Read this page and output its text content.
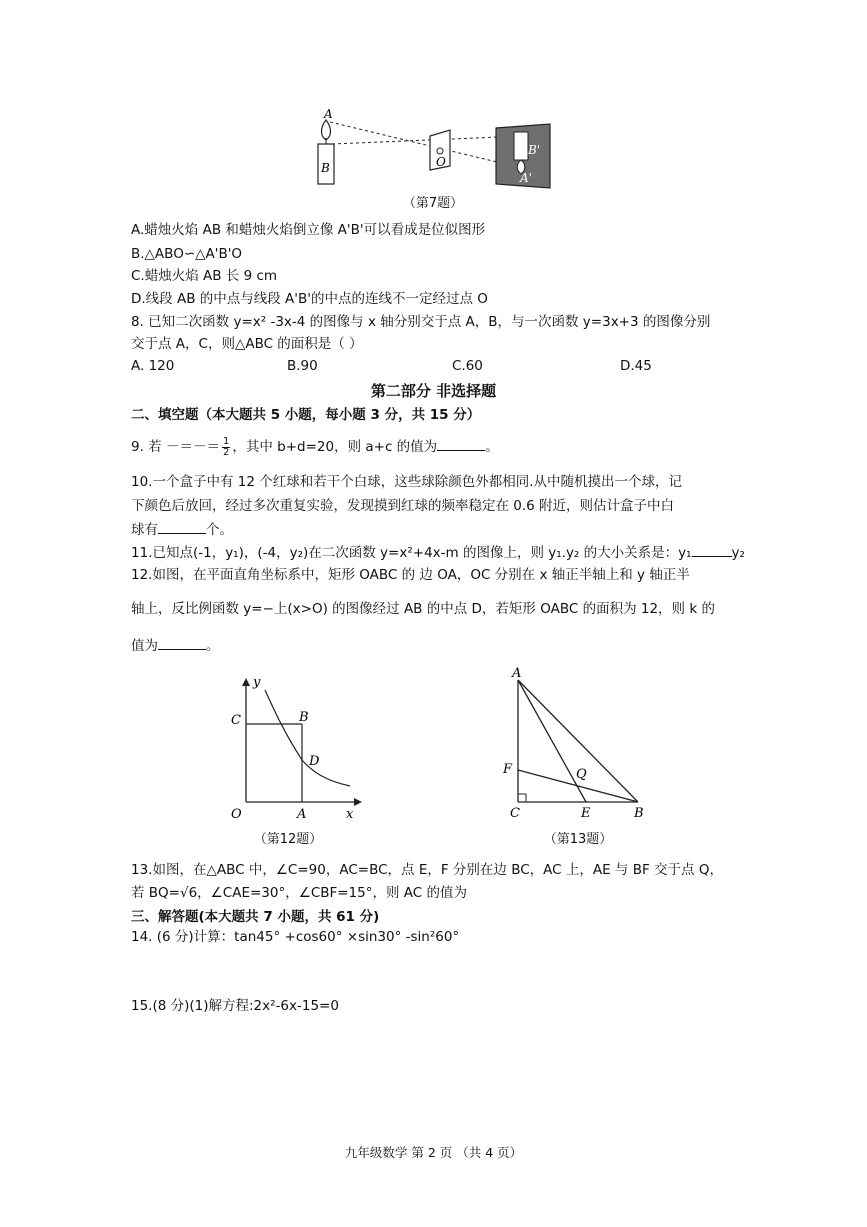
A
B	O
B'
A'
（第7题）
A.蜡烛火焰 AB 和蜡烛火焰倒立像 A'B'可以看成是位似图形
B.△ABO∽△A'B'O
C.蜡烛火焰 AB 长 9 cm
D.线段 AB 的中点与线段 A'B'的中点的连线不一定经过点 O
8. 已知二次函数 y=x² -3x-4 的图像与 x 轴分别交于点 A，B，与一次函数 y=3x+3 的图像分别
交于点 A，C，则△ABC 的面积是（ ）
A. 120	B.90	C.60	D.45
第二部分 非选择题
二、填空题（本大题共 5 小题，每小题 3 分，共 15 分）
9. 若 －＝－＝ $\frac{1}{2}$ ，其中 b+d=20，则 a+c 的值为	。
10.一个盒子中有 12 个红球和若干个白球，这些球除颜色外都相同.从中随机摸出一个球，记
下颜色后放回，经过多次重复实验，发现摸到红球的频率稳定在 0.6 附近，则估计盒子中白
球有	个。
11.已知点(-1，y₁)，(-4，y₂)在二次函数 y=x²+4x-m 的图像上，则 y₁.y₂ 的大小关系是：y₁	y₂
12.如图，在平面直角坐标系中，矩形 OABC 的 边 OA，OC 分别在 x 轴正半轴上和 y 轴正半
轴上，反比例函数 y=−上(x>O) 的图像经过 AB 的中点 D，若矩形 OABC 的面积为 12，则 k 的
值为	。
y
x
C	B
D
O	A
（第12题）
A
F	Q
C	E	B
（第13题）
13.如图，在△ABC 中，∠C=90，AC=BC，点 E，F 分别在边 BC，AC 上，AE 与 BF 交于点 Q，
若 BQ=√6，∠CAE=30°，∠CBF=15°，则 AC 的值为
三、解答题(本大题共 7 小题，共 61 分)
14. (6 分)计算：tan45° +cos60° ×sin30° -sin²60°
15.(8 分)(1)解方程:2x²-6x-15=0
九年级数学 第 2 页 （共 4 页）
